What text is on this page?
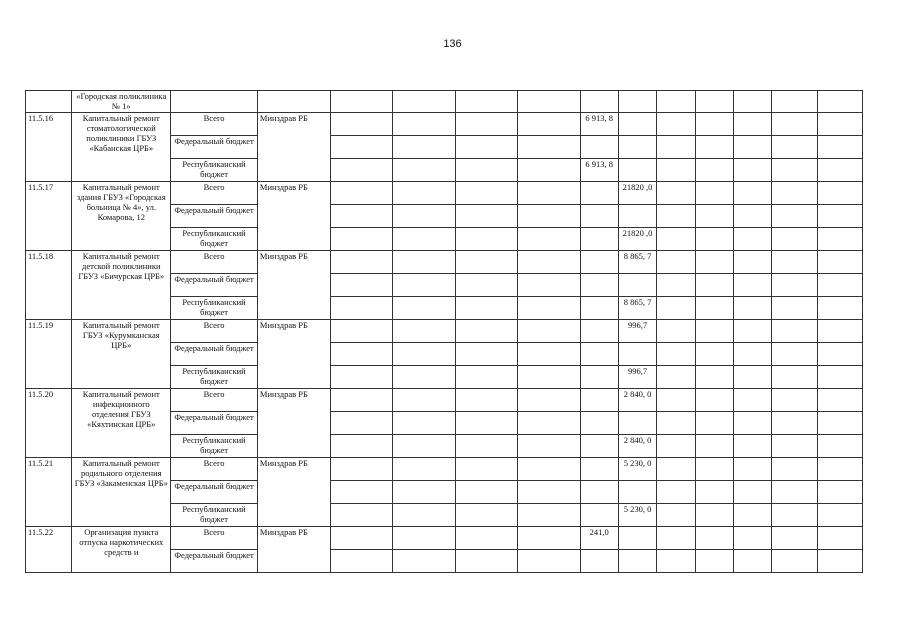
136
	«Городская поликлиника № 1»													
11.5.16	Капитальный ремонт стоматологической поликлиники ГБУЗ «Кабанская ЦРБ»	Всего	Минздрав РБ					6 913, 8						
		Федеральный бюджет												
		Республиканский бюджет						6 913, 8						
11.5.17	Капитальный ремонт здания ГБУЗ «Городская больница № 4», ул. Комарова, 12	Всего	Минздрав РБ						21820 ,0					
		Федеральный бюджет												
		Республиканский бюджет							21820 ,0					
11.5.18	Капитальный ремонт детской поликлиники ГБУЗ «Бичурская ЦРБ»	Всего	Минздрав РБ						8 865, 7					
		Федеральный бюджет												
		Республиканский бюджет							8 865, 7					
11.5.19	Капитальный ремонт ГБУЗ «Курумканская ЦРБ»	Всего	Минздрав РБ						996,7					
		Федеральный бюджет												
		Республиканский бюджет							996,7					
11.5.20	Капитальный ремонт инфекционного отделения ГБУЗ «Кяхтинская ЦРБ»	Всего	Минздрав РБ						2 840, 0					
		Федеральный бюджет												
		Республиканский бюджет							2 840, 0					
11.5.21	Капитальный ремонт родильного отделения ГБУЗ «Закаменская ЦРБ»	Всего	Минздрав РБ						5 230, 0					
		Федеральный бюджет												
		Республиканский бюджет							5 230, 0					
11.5.22	Организация пункта отпуска наркотических средств и	Всего	Минздрав РБ					241,0						
		Федеральный бюджет												
